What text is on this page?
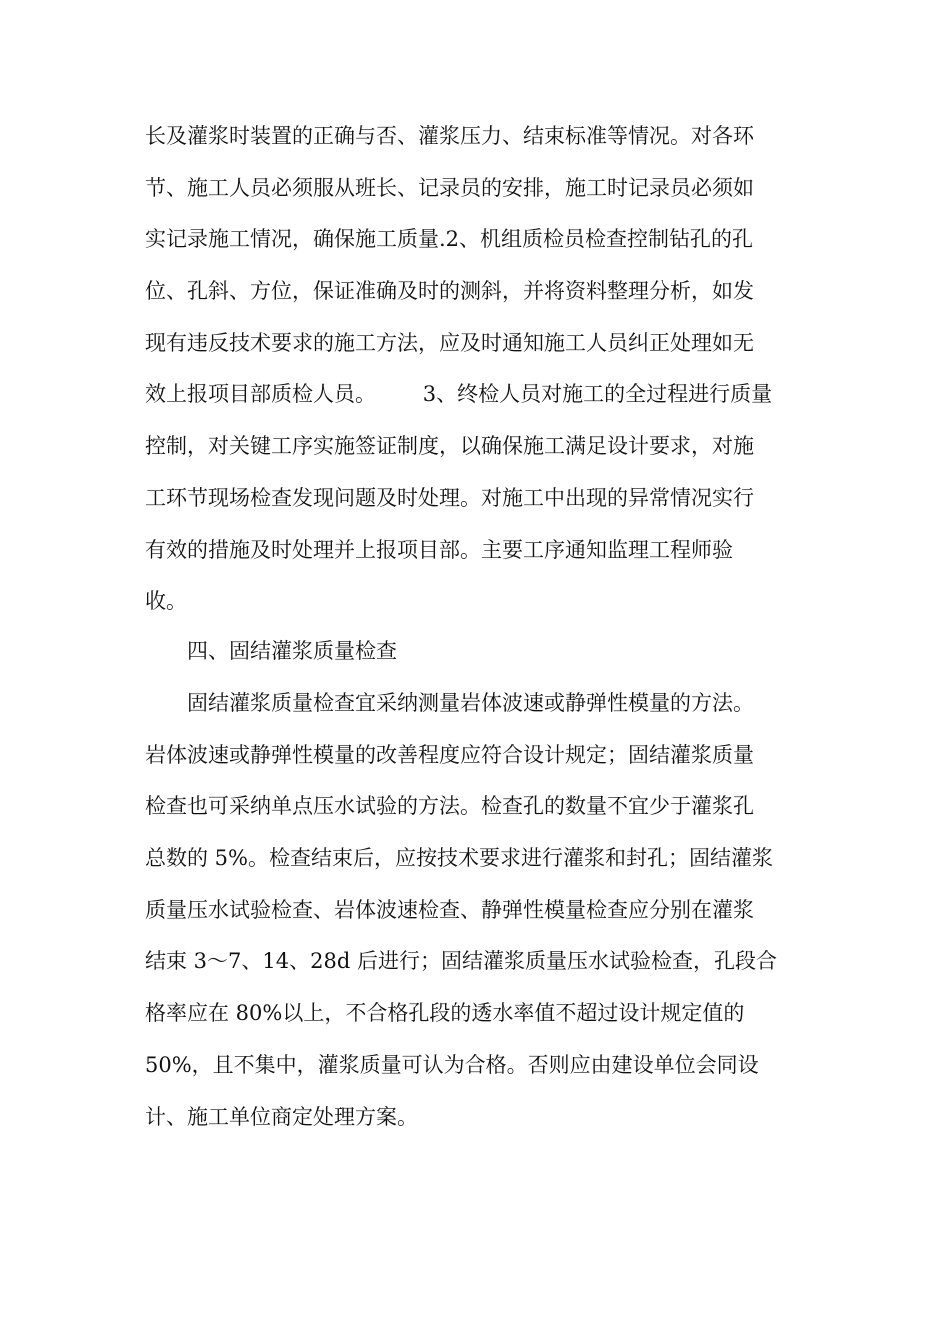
长及灌浆时装置的正确与否、灌浆压力、结束标准等情况。对各环

节、施工人员必须服从班长、记录员的安排，施工时记录员必须如

实记录施工情况，确保施工质量.2、机组质检员检查控制钻孔的孔

位、孔斜、方位，保证准确及时的测斜，并将资料整理分析，如发

现有违反技术要求的施工方法，应及时通知施工人员纠正处理如无

效上报项目部质检人员。       3、终检人员对施工的全过程进行质量

控制，对关键工序实施签证制度，以确保施工满足设计要求，对施

工环节现场检查发现问题及时处理。对施工中出现的异常情况实行

有效的措施及时处理并上报项目部。主要工序通知监理工程师验

收。

四、固结灌浆质量检查

固结灌浆质量检查宜采纳测量岩体波速或静弹性模量的方法。

岩体波速或静弹性模量的改善程度应符合设计规定；固结灌浆质量

检查也可采纳单点压水试验的方法。检查孔的数量不宜少于灌浆孔

总数的 5%。检查结束后，应按技术要求进行灌浆和封孔；固结灌浆

质量压水试验检查、岩体波速检查、静弹性模量检查应分别在灌浆

结束 3～7、14、28d 后进行；固结灌浆质量压水试验检查，孔段合

格率应在 80%以上，不合格孔段的透水率值不超过设计规定值的

50%，且不集中，灌浆质量可认为合格。否则应由建设单位会同设

计、施工单位商定处理方案。
